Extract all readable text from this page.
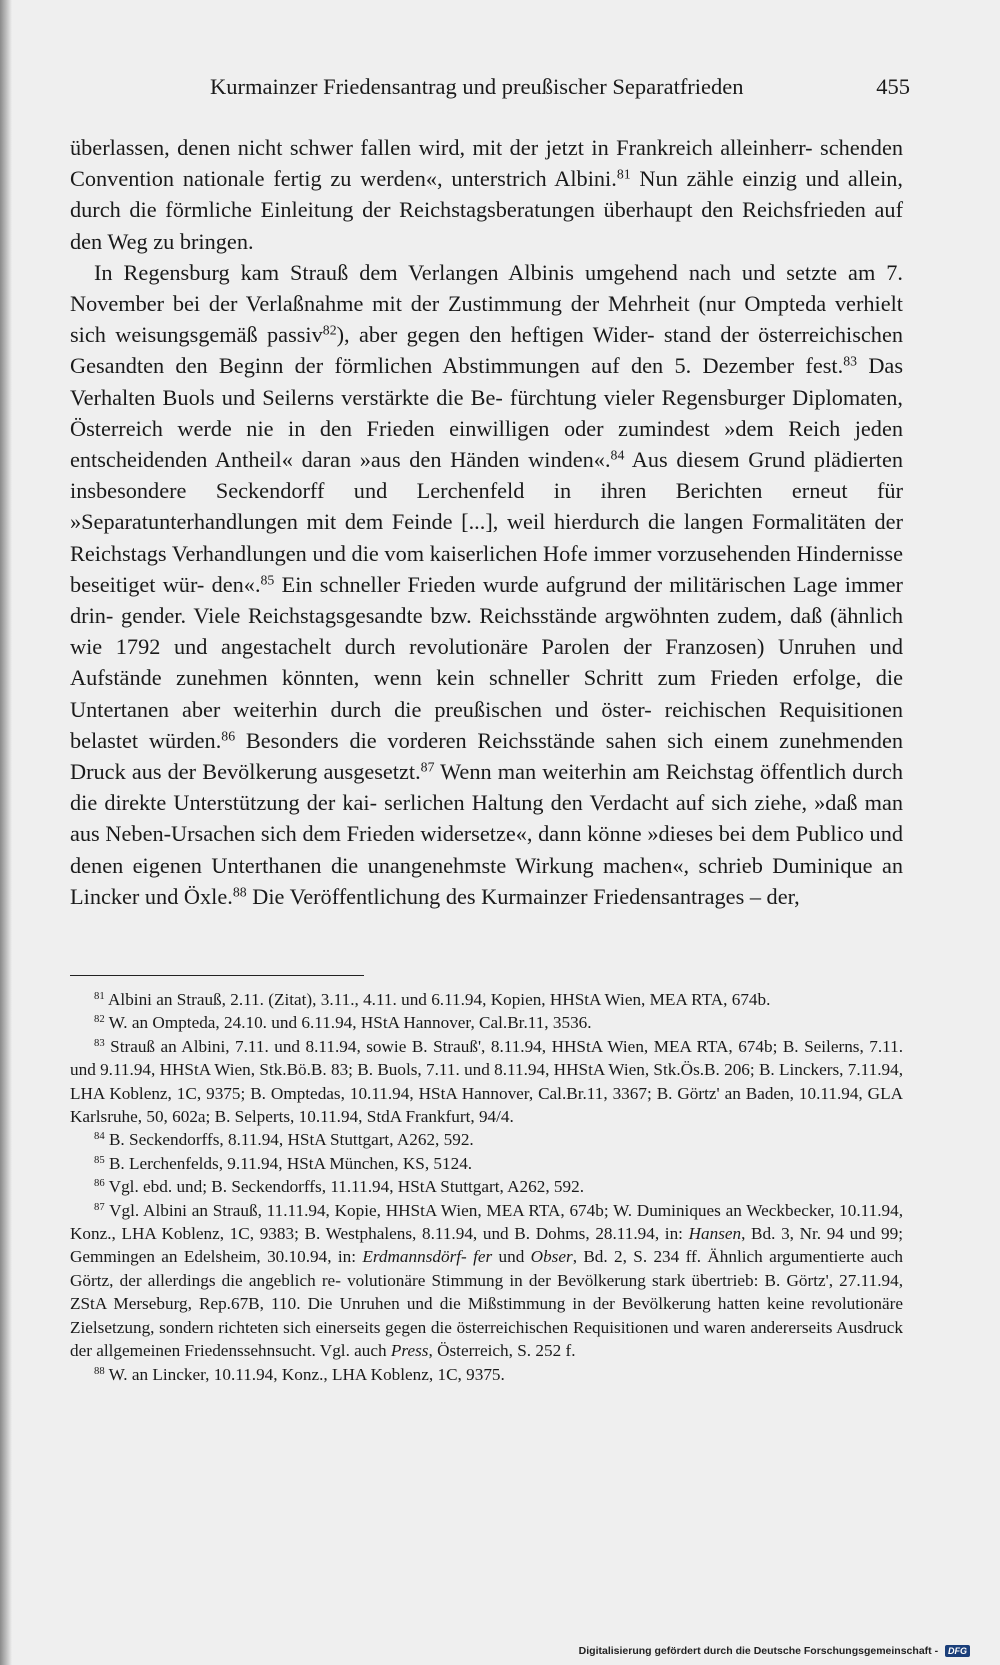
Kurmainzer Friedensantrag und preußischer Separatfrieden	455

überlassen, denen nicht schwer fallen wird, mit der jetzt in Frankreich alleinherr- schenden Convention nationale fertig zu werden«, unterstrich Albini.$^{81}$ Nun zähle einzig und allein, durch die förmliche Einleitung der Reichstagsberatungen überhaupt den Reichsfrieden auf den Weg zu bringen.

In Regensburg kam Strauß dem Verlangen Albinis umgehend nach und setzte am 7. November bei der Verlaßnahme mit der Zustimmung der Mehrheit (nur Ompteda verhielt sich weisungsgemäß passiv$^{82}$), aber gegen den heftigen Wider- stand der österreichischen Gesandten den Beginn der förmlichen Abstimmungen auf den 5. Dezember fest.$^{83}$ Das Verhalten Buols und Seilerns verstärkte die Be- fürchtung vieler Regensburger Diplomaten, Österreich werde nie in den Frieden einwilligen oder zumindest »dem Reich jeden entscheidenden Antheil« daran »aus den Händen winden«.$^{84}$ Aus diesem Grund plädierten insbesondere Seckendorff und Lerchenfeld in ihren Berichten erneut für »Separatunterhandlungen mit dem Feinde [...], weil hierdurch die langen Formalitäten der Reichstags Verhandlungen und die vom kaiserlichen Hofe immer vorzusehenden Hindernisse beseitiget wür- den«.$^{85}$ Ein schneller Frieden wurde aufgrund der militärischen Lage immer drin- gender. Viele Reichstagsgesandte bzw. Reichsstände argwöhnten zudem, daß (ähnlich wie 1792 und angestachelt durch revolutionäre Parolen der Franzosen) Unruhen und Aufstände zunehmen könnten, wenn kein schneller Schritt zum Frieden erfolge, die Untertanen aber weiterhin durch die preußischen und öster- reichischen Requisitionen belastet würden.$^{86}$ Besonders die vorderen Reichsstände sahen sich einem zunehmenden Druck aus der Bevölkerung ausgesetzt.$^{87}$ Wenn man weiterhin am Reichstag öffentlich durch die direkte Unterstützung der kai- serlichen Haltung den Verdacht auf sich ziehe, »daß man aus Neben-Ursachen sich dem Frieden widersetze«, dann könne »dieses bei dem Publico und denen eigenen Unterthanen die unangenehmste Wirkung machen«, schrieb Duminique an Lincker und Öxle.$^{88}$ Die Veröffentlichung des Kurmainzer Friedensantrages – der,

$^{81}$ Albini an Strauß, 2.11. (Zitat), 3.11., 4.11. und 6.11.94, Kopien, HHStA Wien, MEA RTA, 674b.

$^{82}$ W. an Ompteda, 24.10. und 6.11.94, HStA Hannover, Cal.Br.11, 3536.

$^{83}$ Strauß an Albini, 7.11. und 8.11.94, sowie B. Strauß', 8.11.94, HHStA Wien, MEA RTA, 674b; B. Seilerns, 7.11. und 9.11.94, HHStA Wien, Stk.Bö.B. 83; B. Buols, 7.11. und 8.11.94, HHStA Wien, Stk.Ös.B. 206; B. Linckers, 7.11.94, LHA Koblenz, 1C, 9375; B. Omptedas, 10.11.94, HStA Hannover, Cal.Br.11, 3367; B. Görtz' an Baden, 10.11.94, GLA Karlsruhe, 50, 602a; B. Selperts, 10.11.94, StdA Frankfurt, 94/4.

$^{84}$ B. Seckendorffs, 8.11.94, HStA Stuttgart, A262, 592.

$^{85}$ B. Lerchenfelds, 9.11.94, HStA München, KS, 5124.

$^{86}$ Vgl. ebd. und; B. Seckendorffs, 11.11.94, HStA Stuttgart, A262, 592.

$^{87}$ Vgl. Albini an Strauß, 11.11.94, Kopie, HHStA Wien, MEA RTA, 674b; W. Duminiques an Weckbecker, 10.11.94, Konz., LHA Koblenz, 1C, 9383; B. Westphalens, 8.11.94, und B. Dohms, 28.11.94, in: Hansen, Bd. 3, Nr. 94 und 99; Gemmingen an Edelsheim, 30.10.94, in: Erdmannsdörf- fer und Obser, Bd. 2, S. 234 ff. Ähnlich argumentierte auch Görtz, der allerdings die angeblich re- volutionäre Stimmung in der Bevölkerung stark übertrieb: B. Görtz', 27.11.94, ZStA Merseburg, Rep.67B, 110. Die Unruhen und die Mißstimmung in der Bevölkerung hatten keine revolutionäre Zielsetzung, sondern richteten sich einerseits gegen die österreichischen Requisitionen und waren andererseits Ausdruck der allgemeinen Friedenssehnsucht. Vgl. auch Press, Österreich, S. 252 f.

$^{88}$ W. an Lincker, 10.11.94, Konz., LHA Koblenz, 1C, 9375.

Digitalisierung gefördert durch die Deutsche Forschungsgemeinschaft - DFG
